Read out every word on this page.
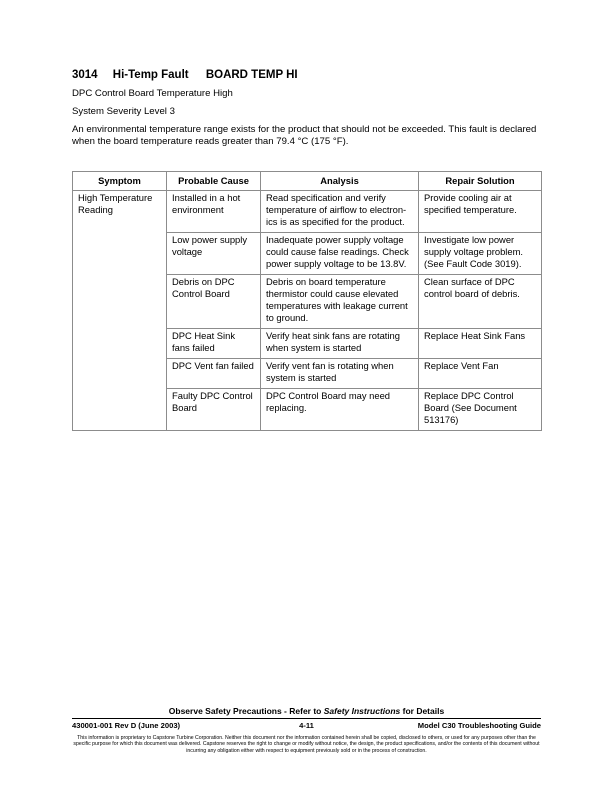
3014 Hi-Temp Fault BOARD TEMP HI
DPC Control Board Temperature High
System Severity Level 3
An environmental temperature range exists for the product that should not be exceeded. This fault is declared when the board temperature reads greater than 79.4 °C (175 °F).
Symptom	Probable Cause	Analysis	Repair Solution
High Temperature Reading	Installed in a hot environment	Read specification and verify temperature of airflow to electron-ics is as specified for the product.	Provide cooling air at specified temperature.
	Low power supply voltage	Inadequate power supply voltage could cause false readings. Check power supply voltage to be 13.8V.	Investigate low power supply voltage problem. (See Fault Code 3019).
	Debris on DPC Control Board	Debris on board temperature thermistor could cause elevated temperatures with leakage current to ground.	Clean surface of DPC control board of debris.
	DPC Heat Sink fans failed	Verify heat sink fans are rotating when system is started	Replace Heat Sink Fans
	DPC Vent fan failed	Verify vent fan is rotating when system is started	Replace Vent Fan
	Faulty DPC Control Board	DPC Control Board may need replacing.	Replace DPC Control Board (See Document 513176)
Observe Safety Precautions - Refer to Safety Instructions for Details
430001-001 Rev D (June 2003)	4-11	Model C30 Troubleshooting Guide
This information is proprietary to Capstone Turbine Corporation. Neither this document nor the information contained herein shall be copied, disclosed to others, or used for any purposes other than the specific purpose for which this document was delivered. Capstone reserves the right to change or modify without notice, the design, the product specifications, and/or the contents of this document without incurring any obligation either with respect to equipment previously sold or in the process of construction.
